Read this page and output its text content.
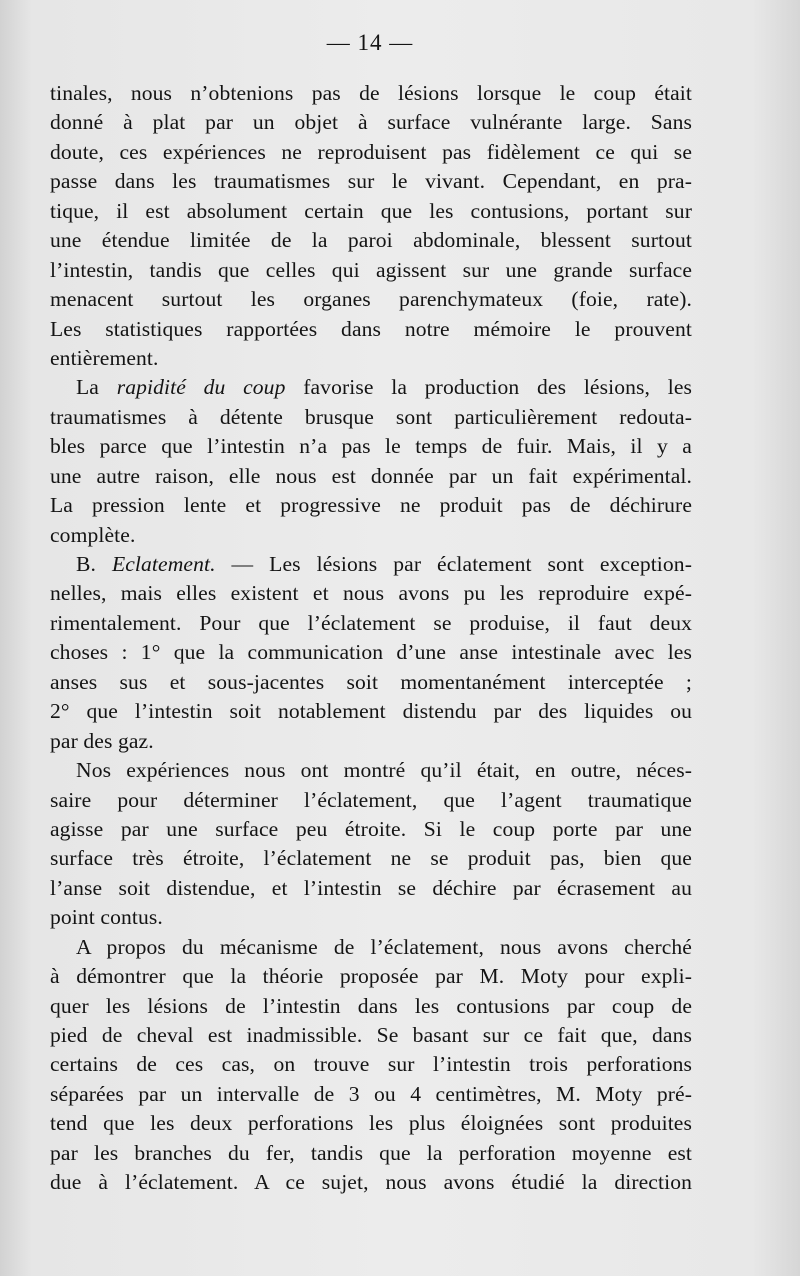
— 14 —
tinales, nous n’obtenions pas de lésions lorsque le coup était
donné à plat par un objet à surface vulnérante large. Sans
doute, ces expériences ne reproduisent pas fidèlement ce qui se
passe dans les traumatismes sur le vivant. Cependant, en pra-
tique, il est absolument certain que les contusions, portant sur
une étendue limitée de la paroi abdominale, blessent surtout
l’intestin, tandis que celles qui agissent sur une grande surface
menacent surtout les organes parenchymateux (foie, rate).
Les statistiques rapportées dans notre mémoire le prouvent
entièrement.
La rapidité du coup favorise la production des lésions, les
traumatismes à détente brusque sont particulièrement redouta-
bles parce que l’intestin n’a pas le temps de fuir. Mais, il y a
une autre raison, elle nous est donnée par un fait expérimental.
La pression lente et progressive ne produit pas de déchirure
complète.
B. Eclatement. — Les lésions par éclatement sont exception-
nelles, mais elles existent et nous avons pu les reproduire expé-
rimentalement. Pour que l’éclatement se produise, il faut deux
choses : 1° que la communication d’une anse intestinale avec les
anses sus et sous-jacentes soit momentanément interceptée ;
2° que l’intestin soit notablement distendu par des liquides ou
par des gaz.
Nos expériences nous ont montré qu’il était, en outre, néces-
saire pour déterminer l’éclatement, que l’agent traumatique
agisse par une surface peu étroite. Si le coup porte par une
surface très étroite, l’éclatement ne se produit pas, bien que
l’anse soit distendue, et l’intestin se déchire par écrasement au
point contus.
A propos du mécanisme de l’éclatement, nous avons cherché
à démontrer que la théorie proposée par M. Moty pour expli-
quer les lésions de l’intestin dans les contusions par coup de
pied de cheval est inadmissible. Se basant sur ce fait que, dans
certains de ces cas, on trouve sur l’intestin trois perforations
séparées par un intervalle de 3 ou 4 centimètres, M. Moty pré-
tend que les deux perforations les plus éloignées sont produites
par les branches du fer, tandis que la perforation moyenne est
due à l’éclatement. A ce sujet, nous avons étudié la direction
